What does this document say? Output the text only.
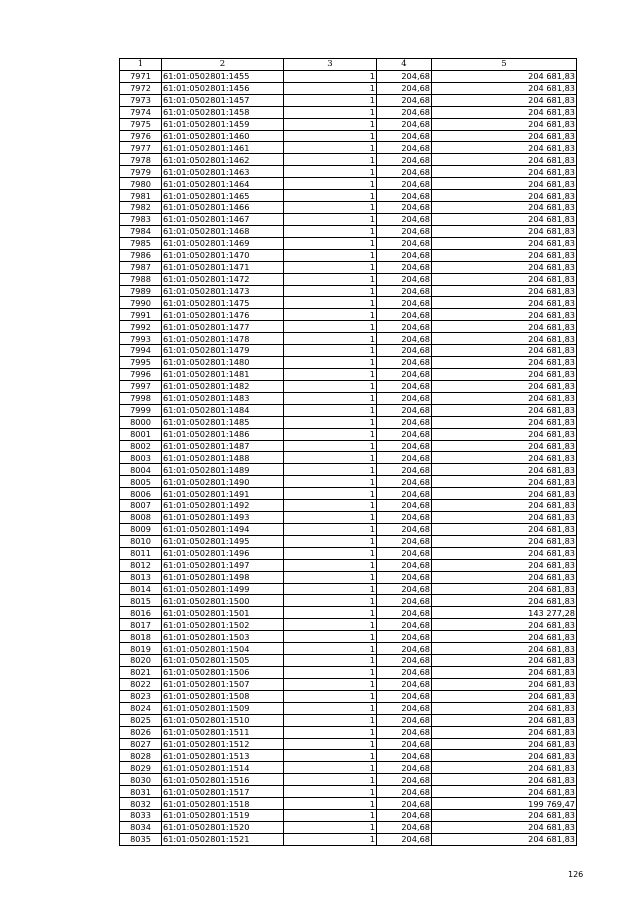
1	2	3	4	5
7971	61:01:0502801:1455	1	204,68	204 681,83
7972	61:01:0502801:1456	1	204,68	204 681,83
7973	61:01:0502801:1457	1	204,68	204 681,83
7974	61:01:0502801:1458	1	204,68	204 681,83
7975	61:01:0502801:1459	1	204,68	204 681,83
7976	61:01:0502801:1460	1	204,68	204 681,83
7977	61:01:0502801:1461	1	204,68	204 681,83
7978	61:01:0502801:1462	1	204,68	204 681,83
7979	61:01:0502801:1463	1	204,68	204 681,83
7980	61:01:0502801:1464	1	204,68	204 681,83
7981	61:01:0502801:1465	1	204,68	204 681,83
7982	61:01:0502801:1466	1	204,68	204 681,83
7983	61:01:0502801:1467	1	204,68	204 681,83
7984	61:01:0502801:1468	1	204,68	204 681,83
7985	61:01:0502801:1469	1	204,68	204 681,83
7986	61:01:0502801:1470	1	204,68	204 681,83
7987	61:01:0502801:1471	1	204,68	204 681,83
7988	61:01:0502801:1472	1	204,68	204 681,83
7989	61:01:0502801:1473	1	204,68	204 681,83
7990	61:01:0502801:1475	1	204,68	204 681,83
7991	61:01:0502801:1476	1	204,68	204 681,83
7992	61:01:0502801:1477	1	204,68	204 681,83
7993	61:01:0502801:1478	1	204,68	204 681,83
7994	61:01:0502801:1479	1	204,68	204 681,83
7995	61:01:0502801:1480	1	204,68	204 681,83
7996	61:01:0502801:1481	1	204,68	204 681,83
7997	61:01:0502801:1482	1	204,68	204 681,83
7998	61:01:0502801:1483	1	204,68	204 681,83
7999	61:01:0502801:1484	1	204,68	204 681,83
8000	61:01:0502801:1485	1	204,68	204 681,83
8001	61:01:0502801:1486	1	204,68	204 681,83
8002	61:01:0502801:1487	1	204,68	204 681,83
8003	61:01:0502801:1488	1	204,68	204 681,83
8004	61:01:0502801:1489	1	204,68	204 681,83
8005	61:01:0502801:1490	1	204,68	204 681,83
8006	61:01:0502801:1491	1	204,68	204 681,83
8007	61:01:0502801:1492	1	204,68	204 681,83
8008	61:01:0502801:1493	1	204,68	204 681,83
8009	61:01:0502801:1494	1	204,68	204 681,83
8010	61:01:0502801:1495	1	204,68	204 681,83
8011	61:01:0502801:1496	1	204,68	204 681,83
8012	61:01:0502801:1497	1	204,68	204 681,83
8013	61:01:0502801:1498	1	204,68	204 681,83
8014	61:01:0502801:1499	1	204,68	204 681,83
8015	61:01:0502801:1500	1	204,68	204 681,83
8016	61:01:0502801:1501	1	204,68	143 277,28
8017	61:01:0502801:1502	1	204,68	204 681,83
8018	61:01:0502801:1503	1	204,68	204 681,83
8019	61:01:0502801:1504	1	204,68	204 681,83
8020	61:01:0502801:1505	1	204,68	204 681,83
8021	61:01:0502801:1506	1	204,68	204 681,83
8022	61:01:0502801:1507	1	204,68	204 681,83
8023	61:01:0502801:1508	1	204,68	204 681,83
8024	61:01:0502801:1509	1	204,68	204 681,83
8025	61:01:0502801:1510	1	204,68	204 681,83
8026	61:01:0502801:1511	1	204,68	204 681,83
8027	61:01:0502801:1512	1	204,68	204 681,83
8028	61:01:0502801:1513	1	204,68	204 681,83
8029	61:01:0502801:1514	1	204,68	204 681,83
8030	61:01:0502801:1516	1	204,68	204 681,83
8031	61:01:0502801:1517	1	204,68	204 681,83
8032	61:01:0502801:1518	1	204,68	199 769,47
8033	61:01:0502801:1519	1	204,68	204 681,83
8034	61:01:0502801:1520	1	204,68	204 681,83
8035	61:01:0502801:1521	1	204,68	204 681,83
126
